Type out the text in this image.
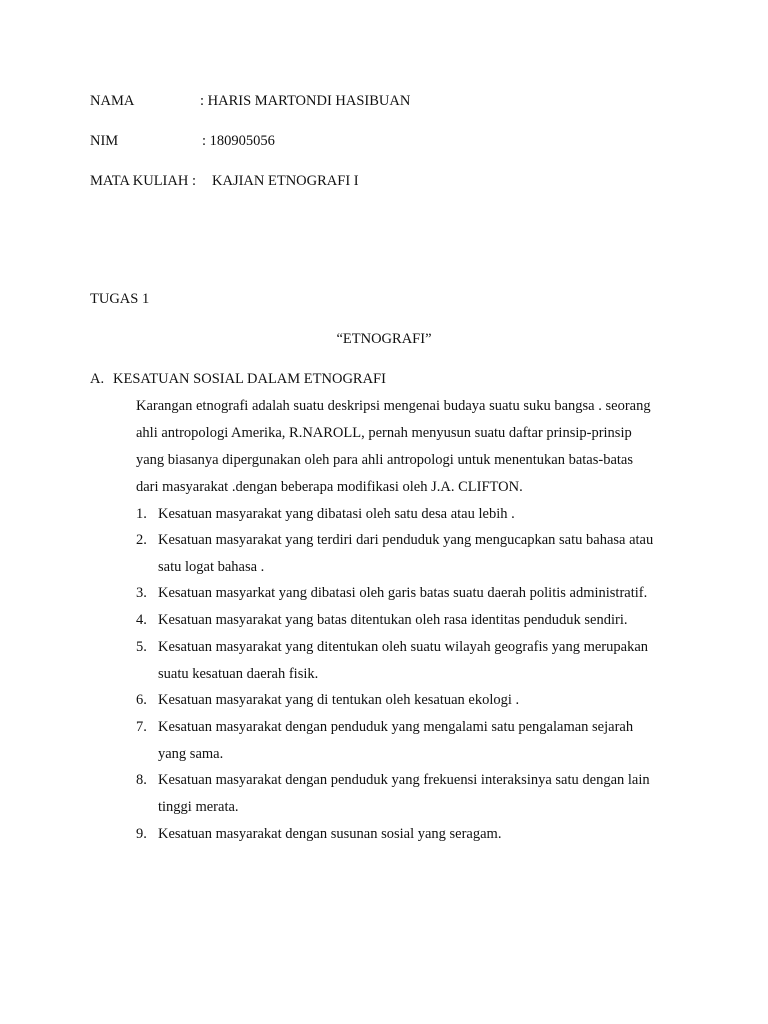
NAMA	: HARIS MARTONDI HASIBUAN
NIM	: 180905056
MATA KULIAH : KAJIAN ETNOGRAFI I
TUGAS 1
“ETNOGRAFI”
A. KESATUAN SOSIAL DALAM ETNOGRAFI
Karangan etnografi adalah suatu deskripsi mengenai budaya suatu suku bangsa . seorang
ahli antropologi Amerika, R.NAROLL, pernah menyusun suatu daftar prinsip-prinsip
yang biasanya dipergunakan oleh para ahli antropologi untuk menentukan batas-batas
dari masyarakat .dengan beberapa modifikasi oleh J.A. CLIFTON.
1. Kesatuan masyarakat yang dibatasi oleh satu desa atau lebih .
2. Kesatuan masyarakat yang terdiri dari penduduk yang mengucapkan satu bahasa atau
satu logat bahasa .
3. Kesatuan masyarkat yang dibatasi oleh garis batas suatu daerah politis administratif.
4. Kesatuan masyarakat yang batas ditentukan oleh rasa identitas penduduk sendiri.
5. Kesatuan masyarakat yang ditentukan oleh suatu wilayah geografis yang merupakan
suatu kesatuan daerah fisik.
6. Kesatuan masyarakat yang di tentukan oleh kesatuan ekologi .
7. Kesatuan masyarakat dengan penduduk yang mengalami satu pengalaman sejarah
yang sama.
8. Kesatuan masyarakat dengan penduduk yang frekuensi interaksinya satu dengan lain
tinggi merata.
9. Kesatuan masyarakat dengan susunan sosial yang seragam.
